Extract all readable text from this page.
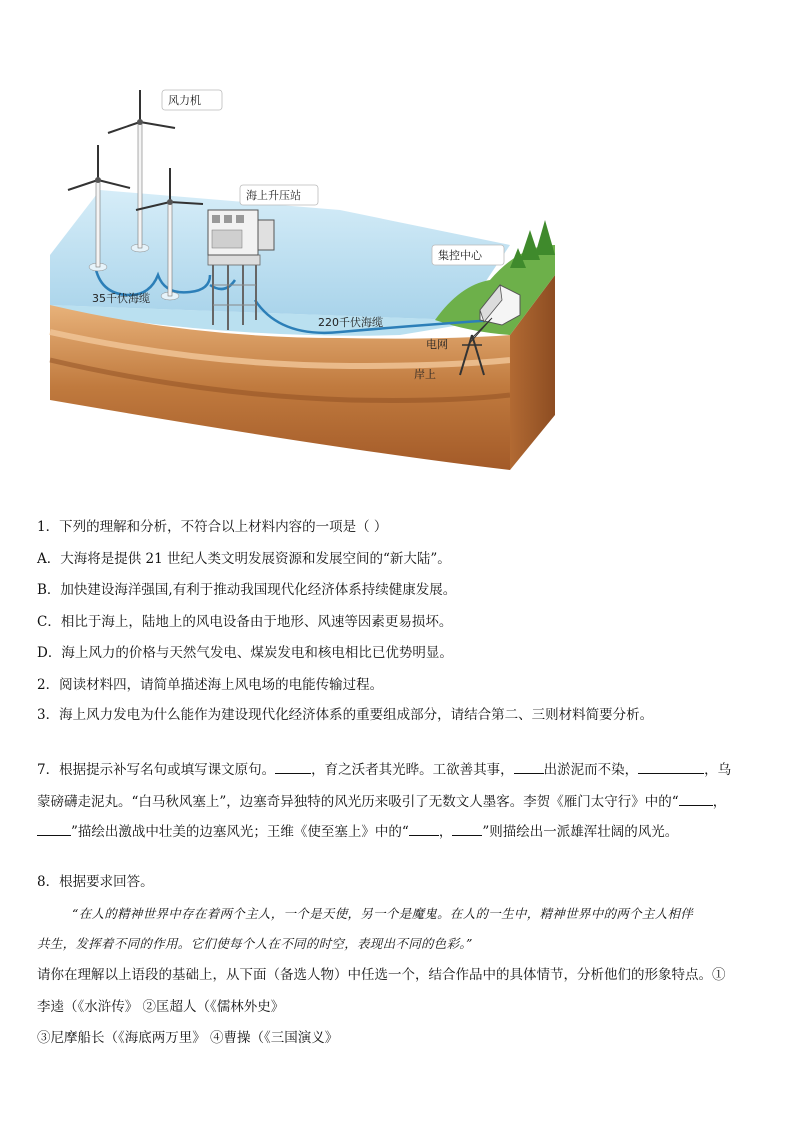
风力机
海上升压站
集控中心
35千伏海缆
220千伏海缆
电网
岸上
1．下列的理解和分析，不符合以上材料内容的一项是（ ）
A．大海将是提供 21 世纪人类文明发展资源和发展空间的“新大陆”。
B．加快建设海洋强国,有利于推动我国现代化经济体系持续健康发展。
C．相比于海上，陆地上的风电设备由于地形、风速等因素更易损坏。
D．海上风力的价格与天然气发电、煤炭发电和核电相比已优势明显。
2．阅读材料四，请简单描述海上风电场的电能传输过程。
3．海上风力发电为什么能作为建设现代化经济体系的重要组成部分，请结合第二、三则材料简要分析。
7．根据提示补写名句或填写课文原句。	，育之沃者其光晔。工欲善其事， 出淤泥而不染，	，乌
蒙磅礴走泥丸。“白马秋风塞上”，边塞奇异独特的风光历来吸引了无数文人墨客。李贺《雁门太守行》中的“	，
”描绘出激战中壮美的边塞风光；王维《使至塞上》中的“ ， ”则描绘出一派雄浑壮阔的风光。
8．根据要求回答。
“在人的精神世界中存在着两个主人，一个是天使，另一个是魔鬼。在人的一生中，精神世界中的两个主人相伴
共生，发挥着不同的作用。它们使每个人在不同的时空，表现出不同的色彩。”
请你在理解以上语段的基础上，从下面（备选人物）中任选一个，结合作品中的具体情节，分析他们的形象特点。①
李逵（《水浒传》 ②匡超人（《儒林外史》
③尼摩船长（《海底两万里》 ④曹操（《三国演义》
